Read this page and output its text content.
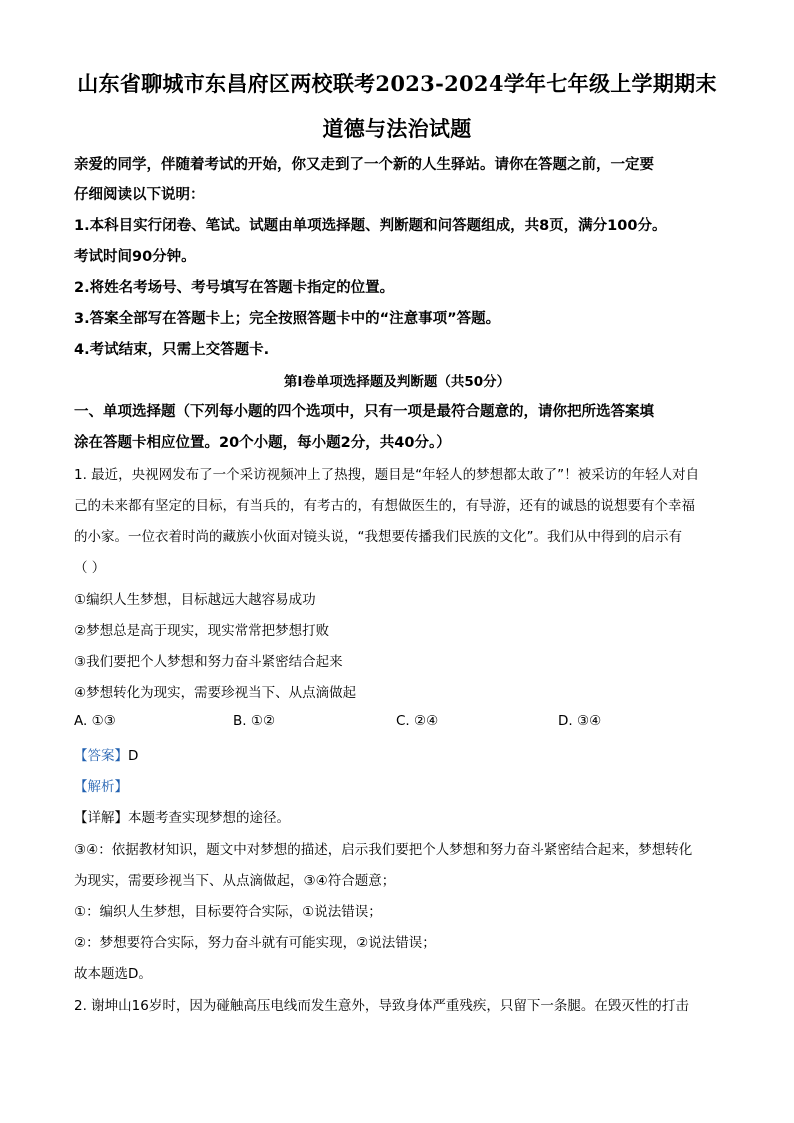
山东省聊城市东昌府区两校联考2023-2024学年七年级上学期期末
道德与法治试题
亲爱的同学，伴随着考试的开始，你又走到了一个新的人生驿站。请你在答题之前，一定要
仔细阅读以下说明：
1.本科目实行闭卷、笔试。试题由单项选择题、判断题和问答题组成，共8页，满分100分。
考试时间90分钟。
2.将姓名考场号、考号填写在答题卡指定的位置。
3.答案全部写在答题卡上；完全按照答题卡中的“注意事项”答题。
4.考试结束，只需上交答题卡.
第Ⅰ卷单项选择题及判断题（共50分）
一、单项选择题（下列每小题的四个选项中，只有一项是最符合题意的，请你把所选答案填
涂在答题卡相应位置。20个小题，每小题2分，共40分。）
1. 最近，央视网发布了一个采访视频冲上了热搜，题目是“年轻人的梦想都太敢了”！被采访的年轻人对自
己的未来都有坚定的目标，有当兵的，有考古的，有想做医生的，有导游，还有的诚恳的说想要有个幸福
的小家。一位衣着时尚的藏族小伙面对镜头说，“我想要传播我们民族的文化”。我们从中得到的启示有
（ ）
①编织人生梦想，目标越远大越容易成功
②梦想总是高于现实，现实常常把梦想打败
③我们要把个人梦想和努力奋斗紧密结合起来
④梦想转化为现实，需要珍视当下、从点滴做起
A. ①③	B. ①②	C. ②④	D. ③④
【答案】D
【解析】
【详解】本题考查实现梦想的途径。
③④：依据教材知识，题文中对梦想的描述，启示我们要把个人梦想和努力奋斗紧密结合起来，梦想转化
为现实，需要珍视当下、从点滴做起，③④符合题意；
①：编织人生梦想，目标要符合实际，①说法错误；
②：梦想要符合实际，努力奋斗就有可能实现，②说法错误；
故本题选D。
2. 谢坤山16岁时，因为碰触高压电线而发生意外，导致身体严重残疾，只留下一条腿。在毁灭性的打击
